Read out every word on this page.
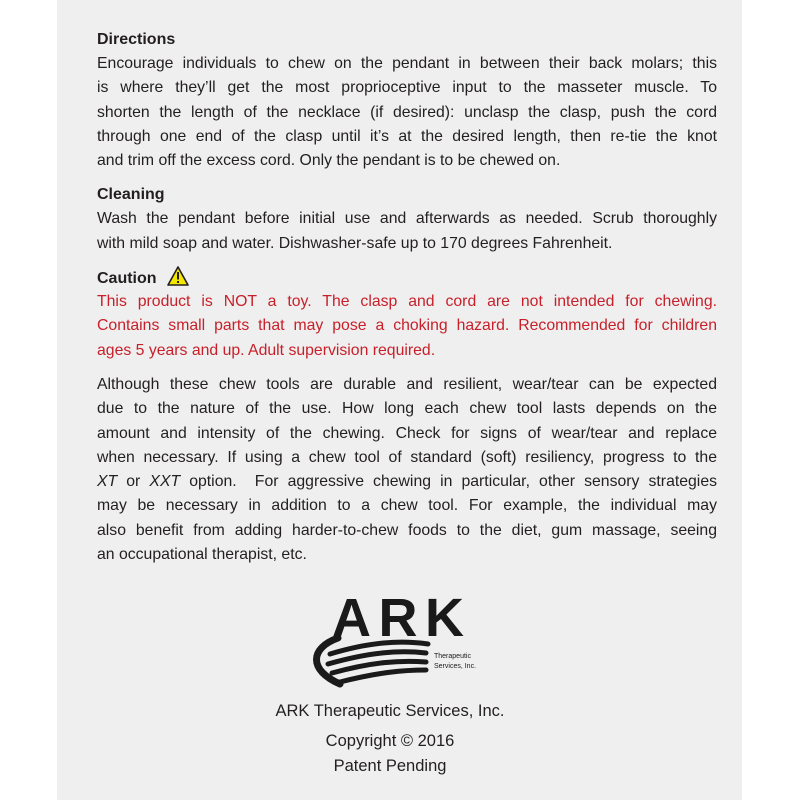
Directions
Encourage individuals to chew on the pendant in between their back molars; this
is where they’ll get the most proprioceptive input to the masseter muscle. To
shorten the length of the necklace (if desired): unclasp the clasp, push the cord
through one end of the clasp until it’s at the desired length, then re-tie the knot
and trim off the excess cord. Only the pendant is to be chewed on.
Cleaning
Wash the pendant before initial use and afterwards as needed. Scrub thoroughly
with mild soap and water. Dishwasher-safe up to 170 degrees Fahrenheit.
Caution
This product is NOT a toy. The clasp and cord are not intended for chewing.
Contains small parts that may pose a choking hazard. Recommended for children
ages 5 years and up. Adult supervision required.
Although these chew tools are durable and resilient, wear/tear can be expected
due to the nature of the use. How long each chew tool lasts depends on the
amount and intensity of the chewing. Check for signs of wear/tear and replace
when necessary. If using a chew tool of standard (soft) resiliency, progress to the
XT or XXT option.  For aggressive chewing in particular, other sensory strategies
may be necessary in addition to a chew tool. For example, the individual may
also benefit from adding harder-to-chew foods to the diet, gum massage, seeing
an occupational therapist, etc.
ARK
Therapeutic
Services, Inc.
ARK Therapeutic Services, Inc.
Copyright © 2016
Patent Pending
